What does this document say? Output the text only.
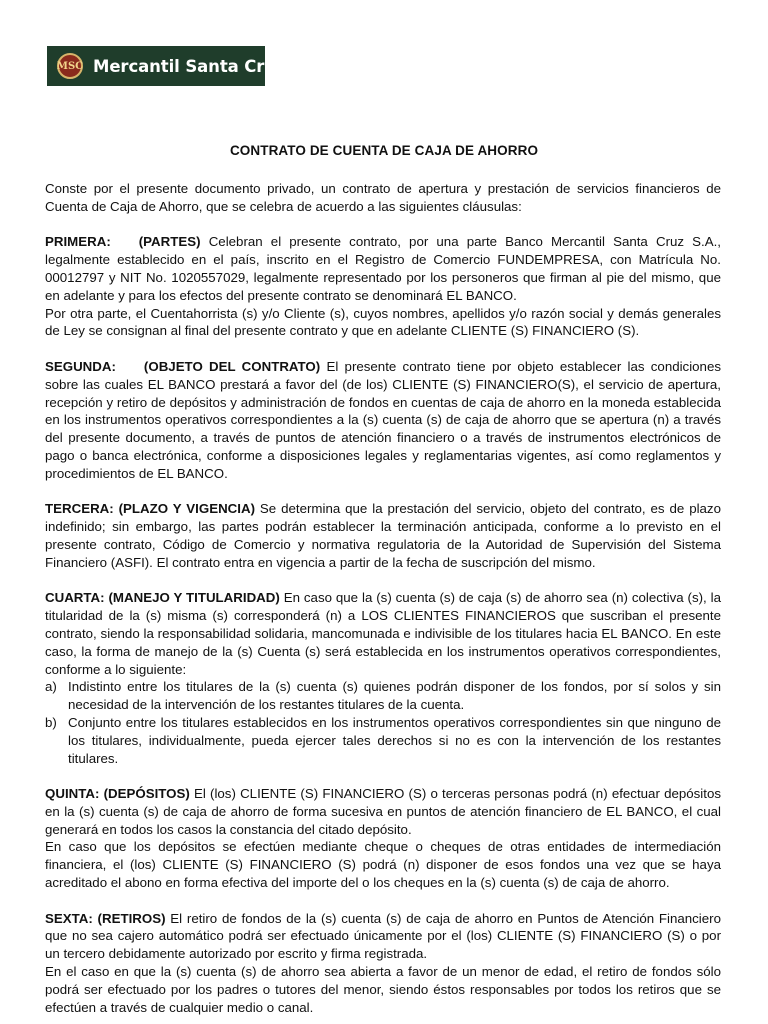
MSC Mercantil Santa Cruz
CONTRATO DE CUENTA DE CAJA DE AHORRO

Conste por el presente documento privado, un contrato de apertura y prestación de servicios financieros de Cuenta de Caja de Ahorro, que se celebra de acuerdo a las siguientes cláusulas:

PRIMERA: (PARTES) Celebran el presente contrato, por una parte Banco Mercantil Santa Cruz S.A., legalmente establecido en el país, inscrito en el Registro de Comercio FUNDEMPRESA, con Matrícula No. 00012797 y NIT No. 1020557029, legalmente representado por los personeros que firman al pie del mismo, que en adelante y para los efectos del presente contrato se denominará EL BANCO.

Por otra parte, el Cuentahorrista (s) y/o Cliente (s), cuyos nombres, apellidos y/o razón social y demás generales de Ley se consignan al final del presente contrato y que en adelante CLIENTE (S) FINANCIERO (S).

SEGUNDA: (OBJETO DEL CONTRATO) El presente contrato tiene por objeto establecer las condiciones sobre las cuales EL BANCO prestará a favor del (de los) CLIENTE (S) FINANCIERO(S), el servicio de apertura, recepción y retiro de depósitos y administración de fondos en cuentas de caja de ahorro en la moneda establecida en los instrumentos operativos correspondientes a la (s) cuenta (s) de caja de ahorro que se apertura (n) a través del presente documento, a través de puntos de atención financiero o a través de instrumentos electrónicos de pago o banca electrónica, conforme a disposiciones legales y reglamentarias vigentes, así como reglamentos y procedimientos de EL BANCO.

TERCERA: (PLAZO Y VIGENCIA) Se determina que la prestación del servicio, objeto del contrato, es de plazo indefinido; sin embargo, las partes podrán establecer la terminación anticipada, conforme a lo previsto en el presente contrato, Código de Comercio y normativa regulatoria de la Autoridad de Supervisión del Sistema Financiero (ASFI). El contrato entra en vigencia a partir de la fecha de suscripción del mismo.

CUARTA: (MANEJO Y TITULARIDAD) En caso que la (s) cuenta (s) de caja (s) de ahorro sea (n) colectiva (s), la titularidad de la (s) misma (s) corresponderá (n) a LOS CLIENTES FINANCIEROS que suscriban el presente contrato, siendo la responsabilidad solidaria, mancomunada e indivisible de los titulares hacia EL BANCO. En este caso, la forma de manejo de la (s) Cuenta (s) será establecida en los instrumentos operativos correspondientes, conforme a lo siguiente:

a) Indistinto entre los titulares de la (s) cuenta (s) quienes podrán disponer de los fondos, por sí solos y sin necesidad de la intervención de los restantes titulares de la cuenta.
b) Conjunto entre los titulares establecidos en los instrumentos operativos correspondientes sin que ninguno de los titulares, individualmente, pueda ejercer tales derechos si no es con la intervención de los restantes titulares.

QUINTA: (DEPÓSITOS) El (los) CLIENTE (S) FINANCIERO (S) o terceras personas podrá (n) efectuar depósitos en la (s) cuenta (s) de caja de ahorro de forma sucesiva en puntos de atención financiero de EL BANCO, el cual generará en todos los casos la constancia del citado depósito.

En caso que los depósitos se efectúen mediante cheque o cheques de otras entidades de intermediación financiera, el (los) CLIENTE (S) FINANCIERO (S) podrá (n) disponer de esos fondos una vez que se haya acreditado el abono en forma efectiva del importe del o los cheques en la (s) cuenta (s) de caja de ahorro.

SEXTA: (RETIROS) El retiro de fondos de la (s) cuenta (s) de caja de ahorro en Puntos de Atención Financiero que no sea cajero automático podrá ser efectuado únicamente por el (los) CLIENTE (S) FINANCIERO (S) o por un tercero debidamente autorizado por escrito y firma registrada.

En el caso en que la (s) cuenta (s) de ahorro sea abierta a favor de un menor de edad, el retiro de fondos sólo podrá ser efectuado por los padres o tutores del menor, siendo éstos responsables por todos los retiros que se efectúen a través de cualquier medio o canal.
